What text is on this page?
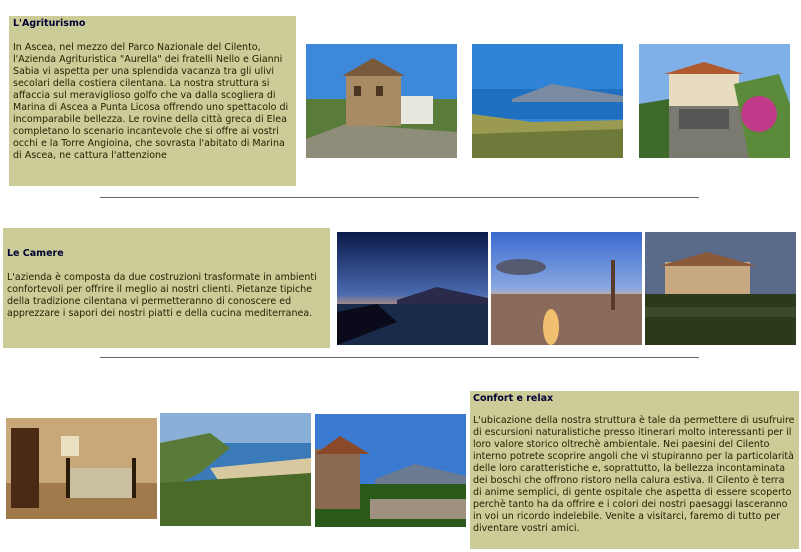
L'Agriturismo

In Ascea, nel mezzo del Parco Nazionale del Cilento, l'Azienda Agrituristica "Aurella" dei fratelli Nello e Gianni Sabia vi aspetta per una splendida vacanza tra gli ulivi secolari della costiera cilentana. La nostra struttura si affaccia sul meraviglioso golfo che va dalla scogliera di Marina di Ascea a Punta Licosa offrendo uno spettacolo di incomparabile bellezza. Le rovine della città greca di Elea completano lo scenario incantevole che si offre ai vostri occhi e la Torre Angioina, che sovrasta l'abitato di Marina di Ascea, ne cattura l'attenzione

Le Camere

L'azienda è composta da due costruzioni trasformate in ambienti confortevoli per offrire il meglio ai nostri clienti. Pietanze tipiche della tradizione cilentana vi permetteranno di conoscere ed apprezzare i sapori dei nostri piatti e della cucina mediterranea.

Confort e relax

L'ubicazione della nostra struttura è tale da permettere di usufruire di escursioni naturalistiche presso itinerari molto interessanti per il loro valore storico oltrechè ambientale. Nei paesini del Cilento interno potrete scoprire angoli che vi stupiranno per la particolarità delle loro caratteristiche e, soprattutto, la bellezza incontaminata dei boschi che offrono ristoro nella calura estiva. Il Cilento è terra di anime semplici, di gente ospitale che aspetta di essere scoperto perchè tanto ha da offrire e i colori dei nostri paesaggi lasceranno in voi un ricordo indelebile. Venite a visitarci, faremo di tutto per diventare vostri amici.
